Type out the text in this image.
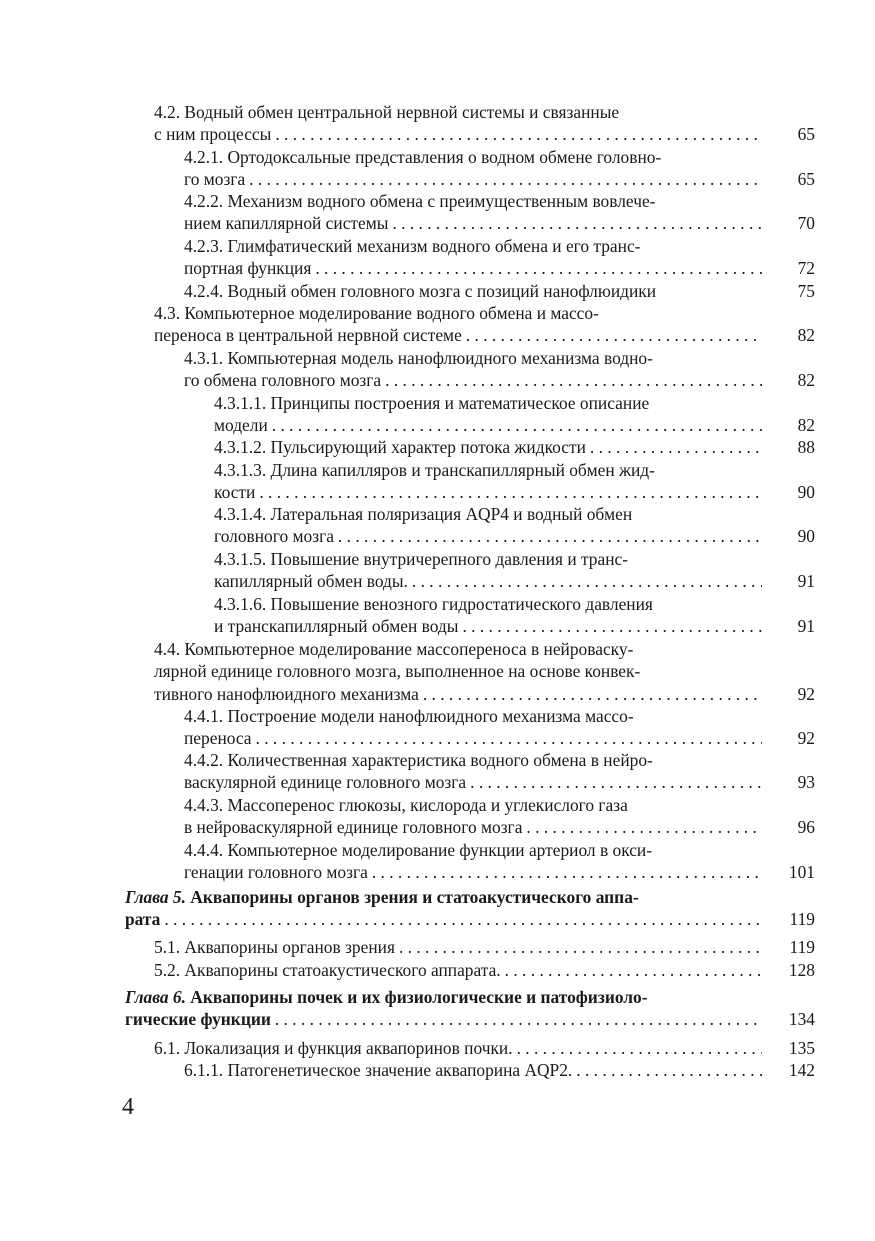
4.2. Водный обмен центральной нервной системы и связанные
с ним процессы . . .	65
4.2.1. Ортодоксальные представления о водном обмене головно-
го мозга . . .	65
4.2.2. Механизм водного обмена с преимущественным вовлече-
нием капиллярной системы . . .	70
4.2.3. Глимфатический механизм водного обмена и его транс-
портная функция . . .	72
4.2.4. Водный обмен головного мозга с позиций нанофлюидики	75
4.3. Компьютерное моделирование водного обмена и массо-
переноса в центральной нервной системе . . .	82
4.3.1. Компьютерная модель нанофлюидного механизма водно-
го обмена головного мозга . . .	82
4.3.1.1. Принципы построения и математическое описание
модели . . .	82
4.3.1.2. Пульсирующий характер потока жидкости . . .	88
4.3.1.3. Длина капилляров и транскапиллярный обмен жид-
кости . . .	90
4.3.1.4. Латеральная поляризация AQP4 и водный обмен
головного мозга . . .	90
4.3.1.5. Повышение внутричерепного давления и транс-
капиллярный обмен воды. . . .	91
4.3.1.6. Повышение венозного гидростатического давления
и транскапиллярный обмен воды . . .	91
4.4. Компьютерное моделирование массопереноса в нейроваску-
лярной единице головного мозга, выполненное на основе конвек-
тивного нанофлюидного механизма . . .	92
4.4.1. Построение модели нанофлюидного механизма массо-
переноса . . .	92
4.4.2. Количественная характеристика водного обмена в нейро-
васкулярной единице головного мозга . . .	93
4.4.3. Массоперенос глюкозы, кислорода и углекислого газа
в нейроваскулярной единице головного мозга . . .	96
4.4.4. Компьютерное моделирование функции артериол в окси-
генации головного мозга . . .	101
Глава 5. Аквапорины органов зрения и статоакустического аппа-
рата . . .	119
5.1. Аквапорины органов зрения . . .	119
5.2. Аквапорины статоакустического аппарата. . . .	128
Глава 6. Аквапорины почек и их физиологические и патофизиоло-
гические функции . . .	134
6.1. Локализация и функция аквапоринов почки. . . .	135
6.1.1. Патогенетическое значение аквапорина AQP2. . . .	142
4
